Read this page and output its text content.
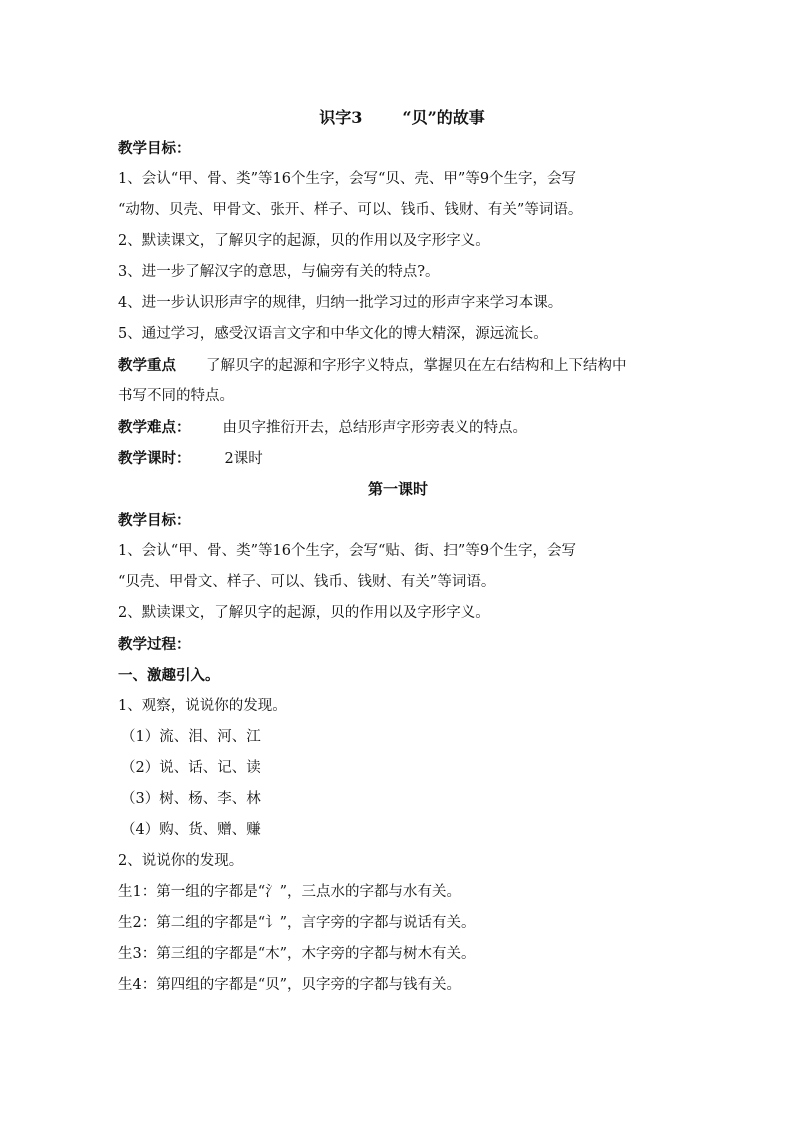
识字3	“贝”的故事
教学目标：
1、会认“甲、骨、类”等16个生字，会写“贝、壳、甲”等9个生字，会写
“动物、贝壳、甲骨文、张开、样子、可以、钱币、钱财、有关”等词语。
2、默读课文，了解贝字的起源，贝的作用以及字形字义。
3、进一步了解汉字的意思，与偏旁有关的特点?。
4、进一步认识形声字的规律，归纳一批学习过的形声字来学习本课。
5、通过学习，感受汉语言文字和中华文化的博大精深，源远流长。
教学重点 了解贝字的起源和字形字义特点，掌握贝在左右结构和上下结构中
书写不同的特点。
教学难点： 由贝字推衍开去，总结形声字形旁表义的特点。
教学课时： 2课时
第一课时
教学目标：
1、会认“甲、骨、类”等16个生字，会写“贴、街、扫”等9个生字，会写
“贝壳、甲骨文、样子、可以、钱币、钱财、有关”等词语。
2、默读课文，了解贝字的起源，贝的作用以及字形字义。
教学过程：
一、激趣引入。
1、观察，说说你的发现。
（1）流、泪、河、江
（2）说、话、记、读
（3）树、杨、李、林
（4）购、货、赠、赚
2、说说你的发现。
生1：第一组的字都是“氵”，三点水的字都与水有关。
生2：第二组的字都是“讠”，言字旁的字都与说话有关。
生3：第三组的字都是“木”，木字旁的字都与树木有关。
生4：第四组的字都是“贝”，贝字旁的字都与钱有关。
